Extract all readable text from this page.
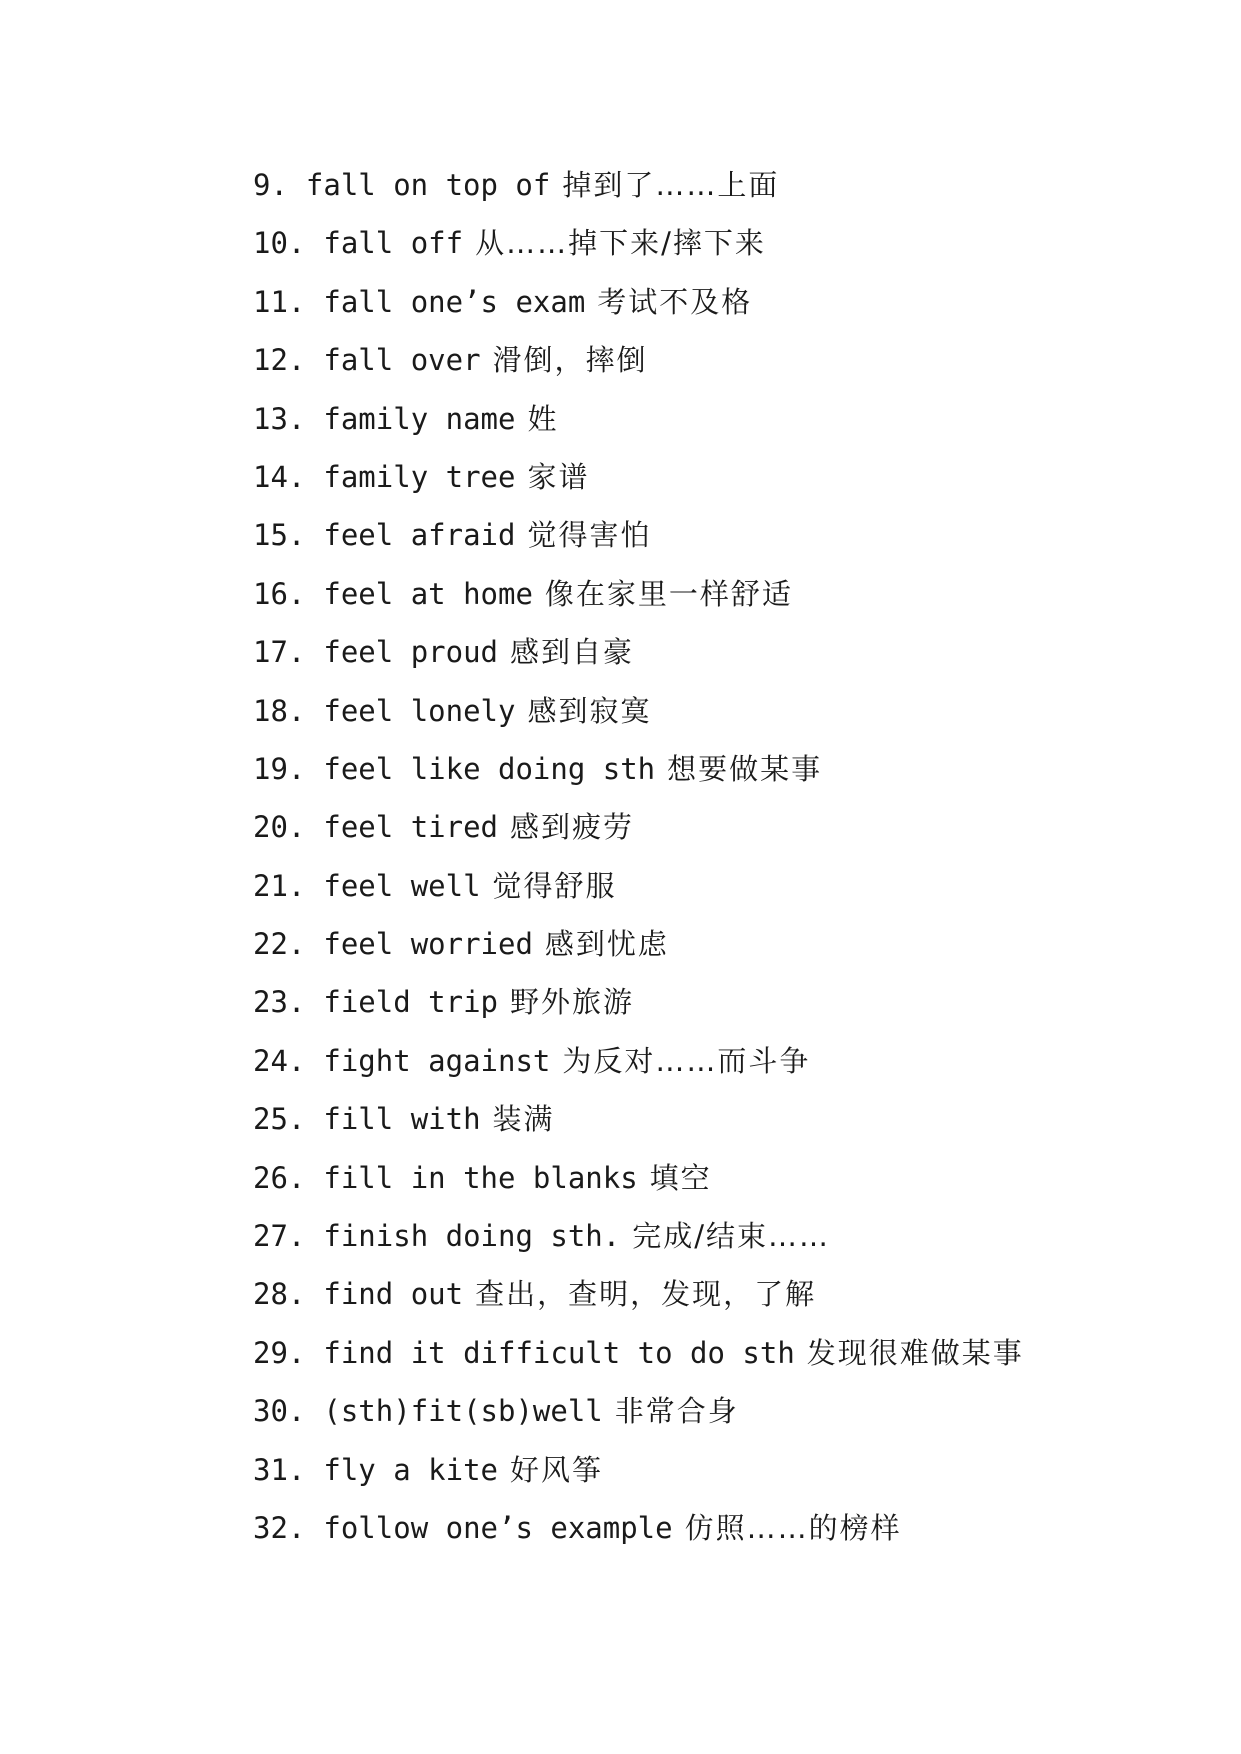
9. fall on top of 掉到了……上面
10. fall off 从……掉下来/摔下来
11. fall one’s exam 考试不及格
12. fall over 滑倒，摔倒
13. family name 姓
14. family tree 家谱
15. feel afraid 觉得害怕
16. feel at home 像在家里一样舒适
17. feel proud 感到自豪
18. feel lonely 感到寂寞
19. feel like doing sth 想要做某事
20. feel tired 感到疲劳
21. feel well 觉得舒服
22. feel worried 感到忧虑
23. field trip 野外旅游
24. fight against 为反对……而斗争
25. fill with 装满
26. fill in the blanks 填空
27. finish doing sth. 完成/结束……
28. find out 查出，查明，发现，了解
29. find it difficult to do sth 发现很难做某事
30. (sth)fit(sb)well 非常合身
31. fly a kite 好风筝
32. follow one’s example 仿照……的榜样
